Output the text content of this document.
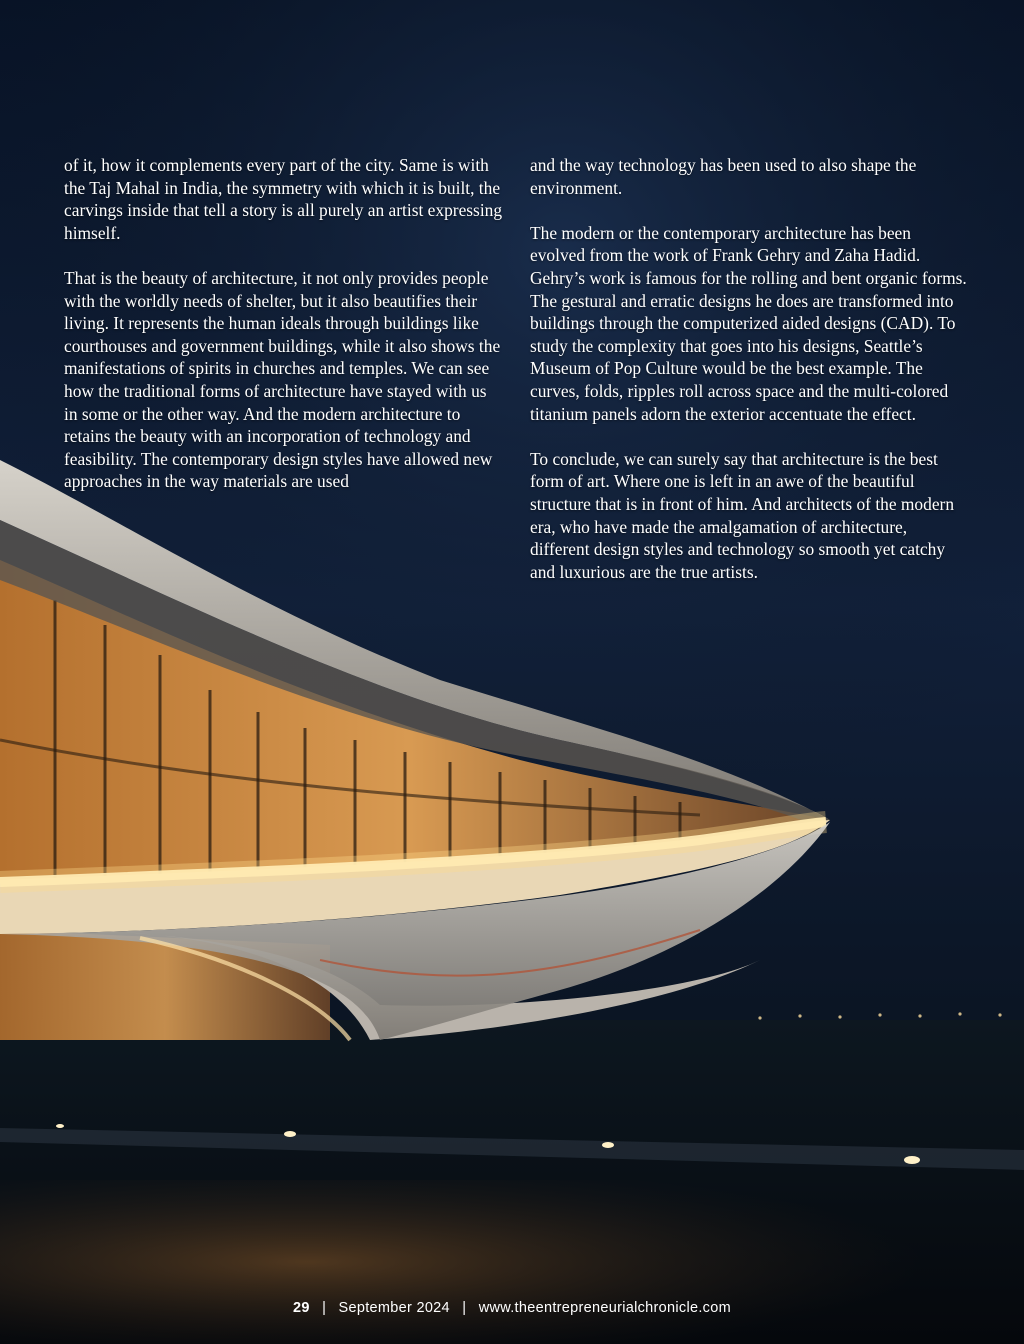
of it, how it complements every part of the city. Same is with the Taj Mahal in India, the symmetry with which it is built, the carvings inside that tell a story is all purely an artist expressing himself.

That is the beauty of architecture, it not only provides people with the worldly needs of shelter, but it also beautifies their living. It represents the human ideals through buildings like courthouses and government buildings, while it also shows the manifestations of spirits in churches and temples. We can see how the traditional forms of architecture have stayed with us in some or the other way. And the modern architecture to retains the beauty with an incorporation of technology and feasibility. The contemporary design styles have allowed new approaches in the way materials are used

and the way technology has been used to also shape the environment.

The modern or the contemporary architecture has been evolved from the work of Frank Gehry and Zaha Hadid. Gehry’s work is famous for the rolling and bent organic forms. The gestural and erratic designs he does are transformed into buildings through the computerized aided designs (CAD). To study the complexity that goes into his designs, Seattle’s Museum of Pop Culture would be the best example. The curves, folds, ripples roll across space and the multi-colored titanium panels adorn the exterior accentuate the effect.

To conclude, we can surely say that architecture is the best form of art. Where one is left in an awe of the beautiful structure that is in front of him. And architects of the modern era, who have made the amalgamation of architecture, different design styles and technology so smooth yet catchy and luxurious are the true artists.

29 | September 2024 | www.theentrepreneurialchronicle.com
